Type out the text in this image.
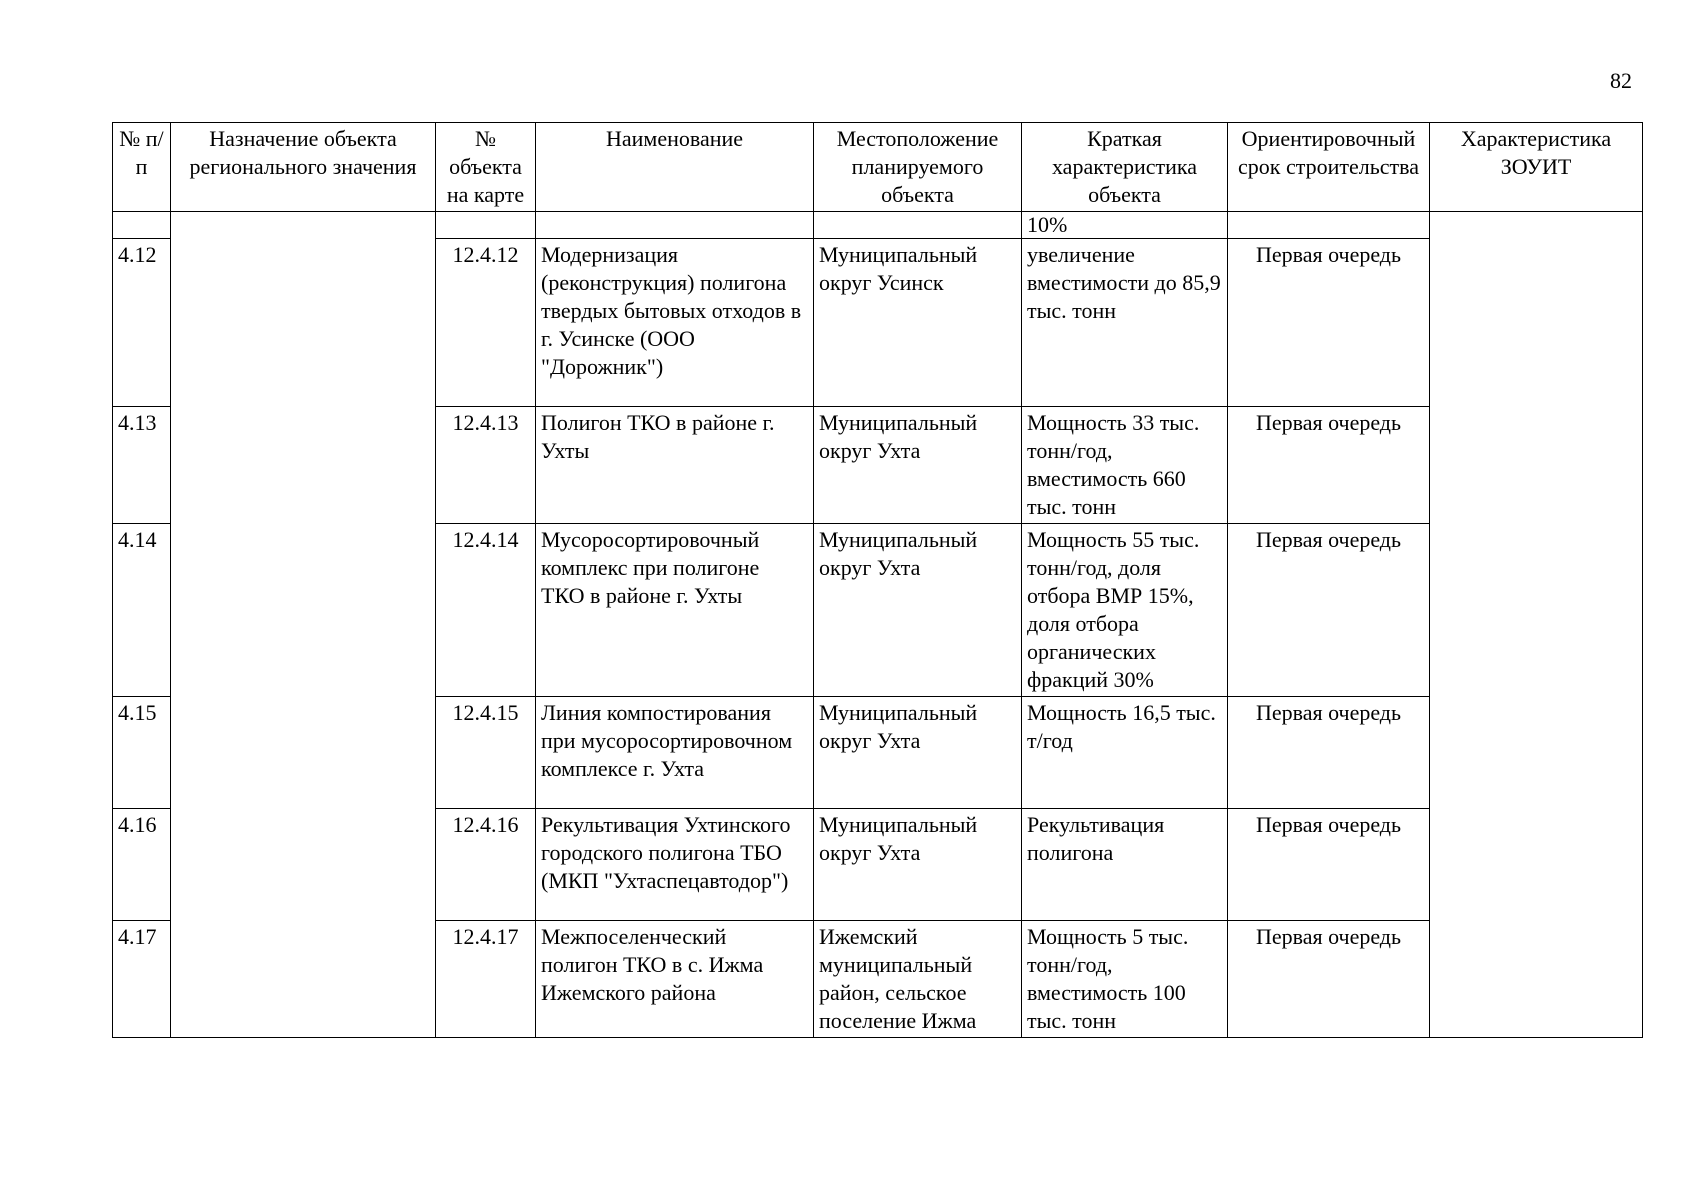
82
№ п/п	Назначение объекта регионального значения	№ объекта на карте	Наименование	Местоположение планируемого объекта	Краткая характеристика объекта	Ориентировочный срок строительства	Характеристика ЗОУИТ
					10%		
4.12		12.4.12	Модернизация (реконструкция) полигона твердых бытовых отходов в г. Усинске (ООО "Дорожник")	Муниципальный округ Усинск	увеличение вместимости до 85,9 тыс. тонн	Первая очередь	
4.13		12.4.13	Полигон ТКО в районе г. Ухты	Муниципальный округ Ухта	Мощность 33 тыс. тонн/год, вместимость 660 тыс. тонн	Первая очередь	
4.14		12.4.14	Мусоросортировочный комплекс при полигоне ТКО в районе г. Ухты	Муниципальный округ Ухта	Мощность 55 тыс. тонн/год, доля отбора ВМР 15%, доля отбора органических фракций 30%	Первая очередь	
4.15		12.4.15	Линия компостирования при мусоросортировочном комплексе г. Ухта	Муниципальный округ Ухта	Мощность 16,5 тыс. т/год	Первая очередь	
4.16		12.4.16	Рекультивация Ухтинского городского полигона ТБО (МКП "Ухтаспецавтодор")	Муниципальный округ Ухта	Рекультивация полигона	Первая очередь	
4.17		12.4.17	Межпоселенческий полигон ТКО в с. Ижма Ижемского района	Ижемский муниципальный район, сельское поселение Ижма	Мощность 5 тыс. тонн/год, вместимость 100 тыс. тонн	Первая очередь	
